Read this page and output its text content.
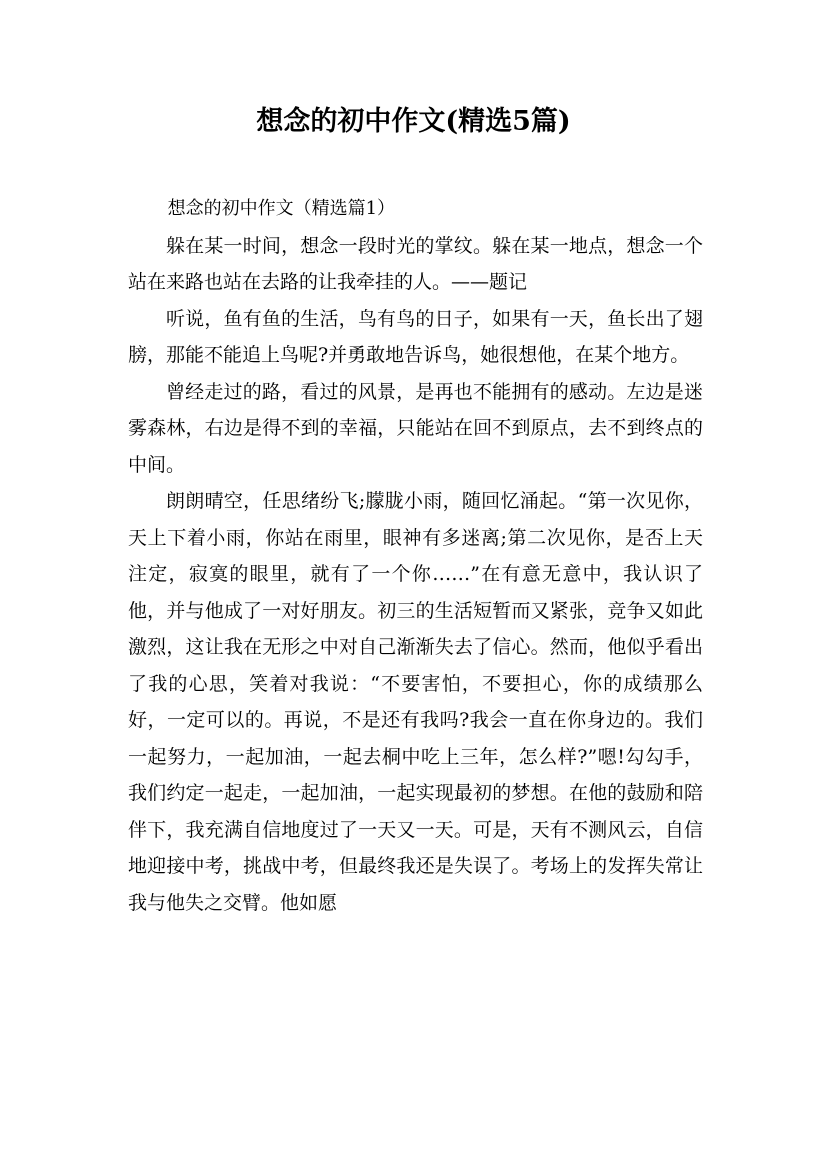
想念的初中作文(精选5篇)

想念的初中作文（精选篇1）

躲在某一时间，想念一段时光的掌纹。躲在某一地点，想念一个站在来路也站在去路的让我牵挂的人。——题记

听说，鱼有鱼的生活，鸟有鸟的日子，如果有一天，鱼长出了翅膀，那能不能追上鸟呢?并勇敢地告诉鸟，她很想他，在某个地方。

曾经走过的路，看过的风景，是再也不能拥有的感动。左边是迷雾森林，右边是得不到的幸福，只能站在回不到原点，去不到终点的中间。

朗朗晴空，任思绪纷飞;朦胧小雨，随回忆涌起。“第一次见你，天上下着小雨，你站在雨里，眼神有多迷离;第二次见你，是否上天注定，寂寞的眼里，就有了一个你……”在有意无意中，我认识了他，并与他成了一对好朋友。初三的生活短暂而又紧张，竞争又如此激烈，这让我在无形之中对自己渐渐失去了信心。然而，他似乎看出了我的心思，笑着对我说：“不要害怕，不要担心，你的成绩那么好，一定可以的。再说，不是还有我吗?我会一直在你身边的。我们一起努力，一起加油，一起去桐中吃上三年，怎么样?”嗯!勾勾手，我们约定一起走，一起加油，一起实现最初的梦想。在他的鼓励和陪伴下，我充满自信地度过了一天又一天。可是，天有不测风云，自信地迎接中考，挑战中考，但最终我还是失误了。考场上的发挥失常让我与他失之交臂。他如愿
